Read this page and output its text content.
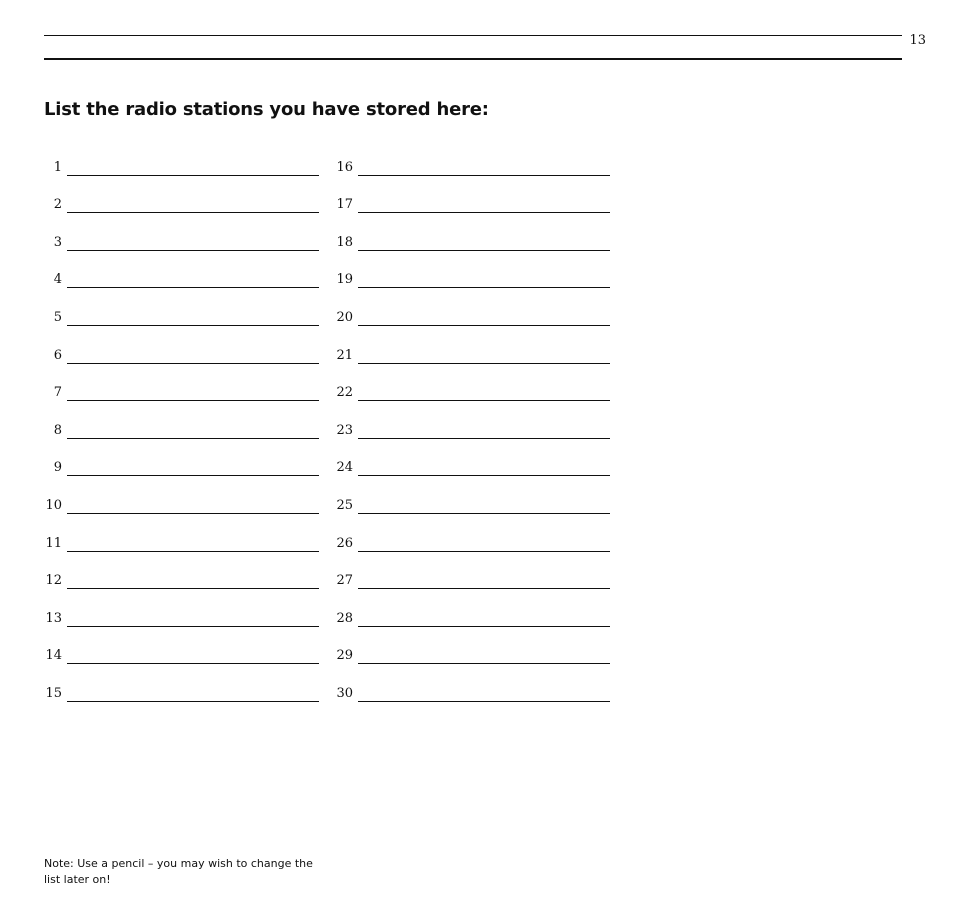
13
List the radio stations you have stored here:
1
2
3
4
5
6
7
8
9
10
11
12
13
14
15
16
17
18
19
20
21
22
23
24
25
26
27
28
29
30

Note: Use a pencil – you may wish to change the list later on!
